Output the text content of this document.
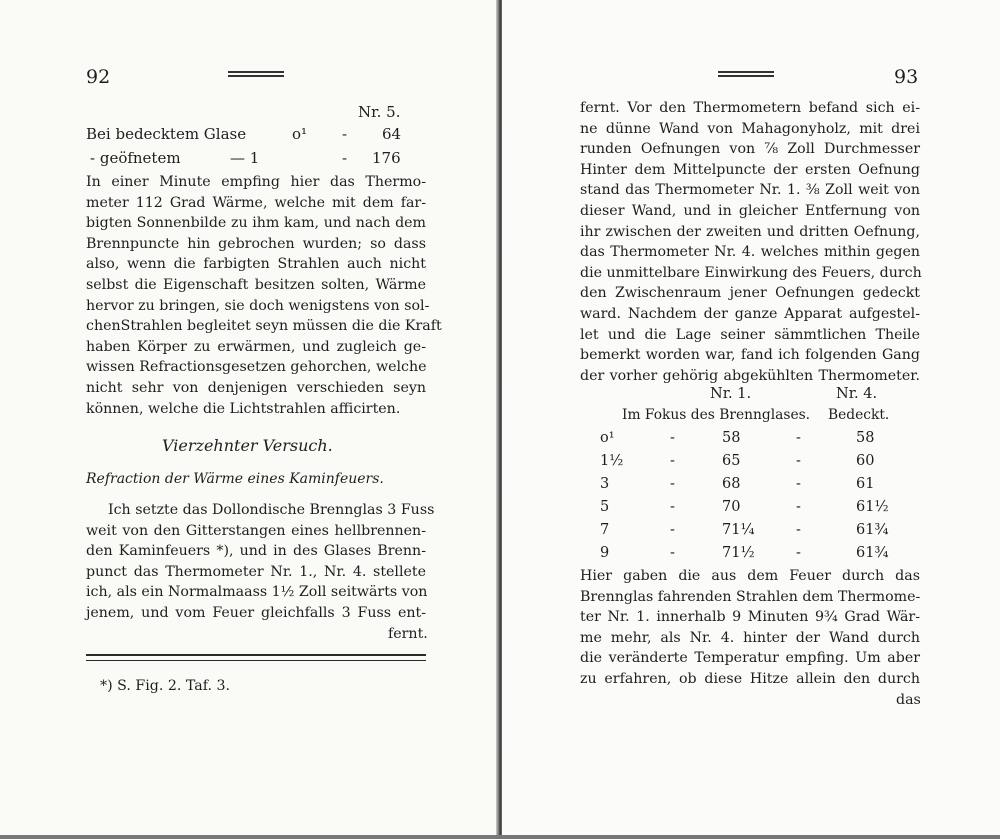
92
Nr. 5.
Bei bedecktem Glase	o¹ - 64
- geöfnetem	— 1	- 176
In einer Minute empfing hier das Thermo-
meter 112 Grad Wärme, welche mit dem far-
bigten Sonnenbilde zu ihm kam, und nach dem
Brennpuncte hin gebrochen wurden; so dass
also, wenn die farbigten Strahlen auch nicht
selbst die Eigenschaft besitzen solten, Wärme
hervor zu bringen, sie doch wenigstens von sol-
chenStrahlen begleitet seyn müssen die die Kraft
haben Körper zu erwärmen, und zugleich ge-
wissen Refractionsgesetzen gehorchen, welche
nicht sehr von denjenigen verschieden seyn
können, welche die Lichtstrahlen afficirten.
Vierzehnter Versuch.
Refraction der Wärme eines Kaminfeuers.
Ich setzte das Dollondische Brennglas 3 Fuss
weit von den Gitterstangen eines hellbrennen-
den Kaminfeuers *), und in des Glases Brenn-
punct das Thermometer Nr. 1., Nr. 4. stellete
ich, als ein Normalmaass 1½ Zoll seitwärts von
jenem, und vom Feuer gleichfalls 3 Fuss ent-
fernt.
*) S. Fig. 2. Taf. 3.
93
fernt. Vor den Thermometern befand sich ei-
ne dünne Wand von Mahagonyholz, mit drei
runden Oefnungen von ⅞ Zoll Durchmesser
Hinter dem Mittelpuncte der ersten Oefnung
stand das Thermometer Nr. 1. ⅜ Zoll weit von
dieser Wand, und in gleicher Entfernung von
ihr zwischen der zweiten und dritten Oefnung,
das Thermometer Nr. 4. welches mithin gegen
die unmittelbare Einwirkung des Feuers, durch
den Zwischenraum jener Oefnungen gedeckt
ward. Nachdem der ganze Apparat aufgestel-
let und die Lage seiner sämmtlichen Theile
bemerkt worden war, fand ich folgenden Gang
der vorher gehörig abgekühlten Thermometer.
Nr. 1.	Nr. 4.
Im Fokus des Brennglases. Bedeckt.
o¹	-	58	-	58
1½	-	65	-	60
3	-	68	-	61
5	-	70	-	61½
7	-	71¼	-	61¾
9	-	71½	-	61¾
Hier gaben die aus dem Feuer durch das
Brennglas fahrenden Strahlen dem Thermome-
ter Nr. 1. innerhalb 9 Minuten 9¾ Grad Wär-
me mehr, als Nr. 4. hinter der Wand durch
die veränderte Temperatur empfing. Um aber
zu erfahren, ob diese Hitze allein den durch
das
